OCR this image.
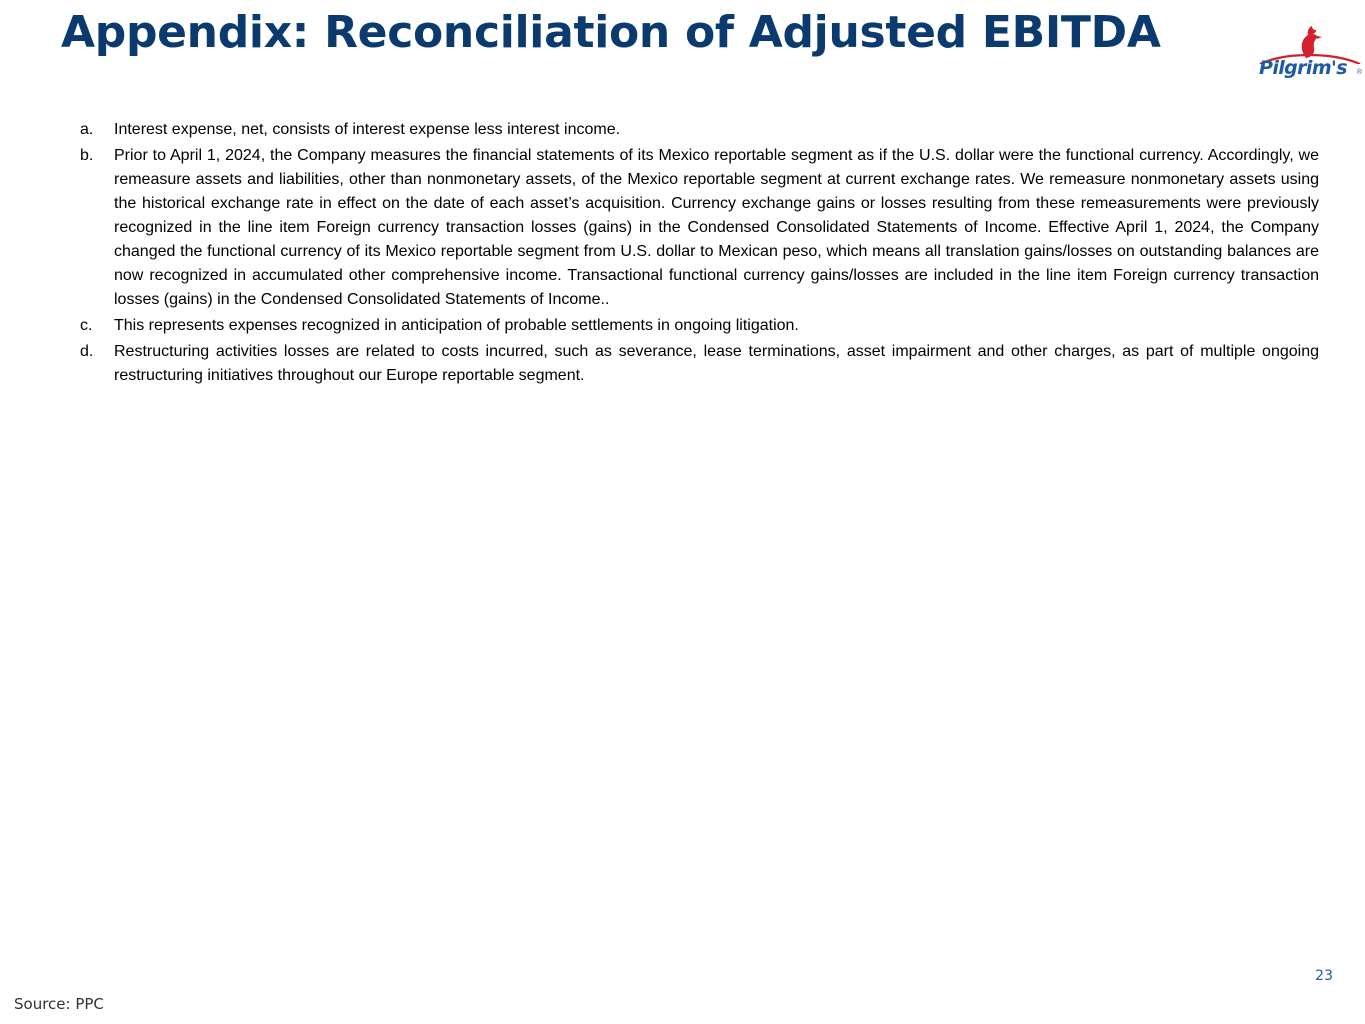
Appendix: Reconciliation of Adjusted EBITDA
Pilgrim's ®
a. Interest expense, net, consists of interest expense less interest income.
b. Prior to April 1, 2024, the Company measures the financial statements of its Mexico reportable segment as if the U.S. dollar were the functional currency. Accordingly, we remeasure assets and liabilities, other than nonmonetary assets, of the Mexico reportable segment at current exchange rates. We remeasure nonmonetary assets using the historical exchange rate in effect on the date of each asset’s acquisition. Currency exchange gains or losses resulting from these remeasurements were previously recognized in the line item Foreign currency transaction losses (gains) in the Condensed Consolidated Statements of Income. Effective April 1, 2024, the Company changed the functional currency of its Mexico reportable segment from U.S. dollar to Mexican peso, which means all translation gains/losses on outstanding balances are now recognized in accumulated other comprehensive income. Transactional functional currency gains/losses are included in the line item Foreign currency transaction losses (gains) in the Condensed Consolidated Statements of Income..
c. This represents expenses recognized in anticipation of probable settlements in ongoing litigation.
d. Restructuring activities losses are related to costs incurred, such as severance, lease terminations, asset impairment and other charges, as part of multiple ongoing restructuring initiatives throughout our Europe reportable segment.
23
Source: PPC
